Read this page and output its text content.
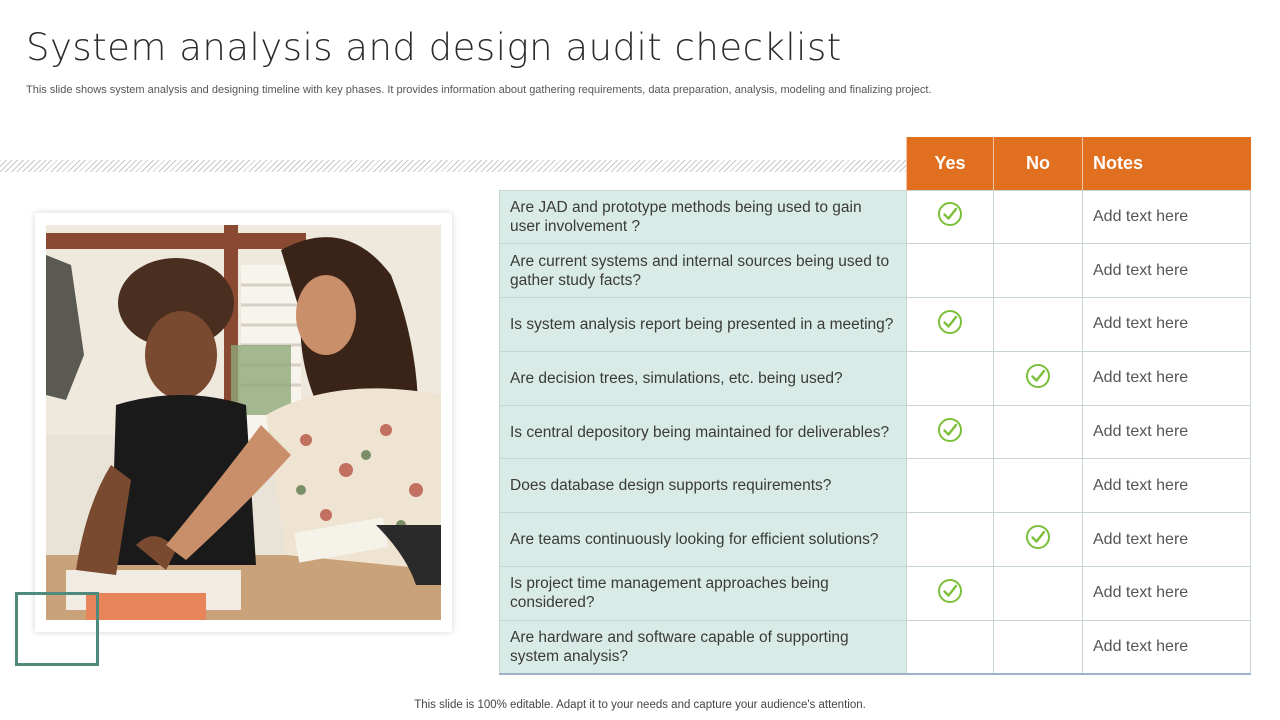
System analysis and design audit checklist
This slide shows system analysis and designing timeline with key phases. It provides information about gathering requirements, data preparation, analysis, modeling and finalizing project.
	Yes	No	Notes
Are JAD and prototype methods being used to gain user involvement ?			Add text here
Are current systems and internal sources being used to gather study facts?			Add text here
Is system analysis report being presented in a meeting?			Add text here
Are decision trees, simulations, etc. being used?			Add text here
Is central depository being maintained for deliverables?			Add text here
Does database design supports requirements?			Add text here
Are teams continuously looking for efficient solutions?			Add text here
Is project time management approaches being considered?			Add text here
Are hardware and software capable of supporting system analysis?			Add text here
This slide is 100% editable. Adapt it to your needs and capture your audience's attention.
